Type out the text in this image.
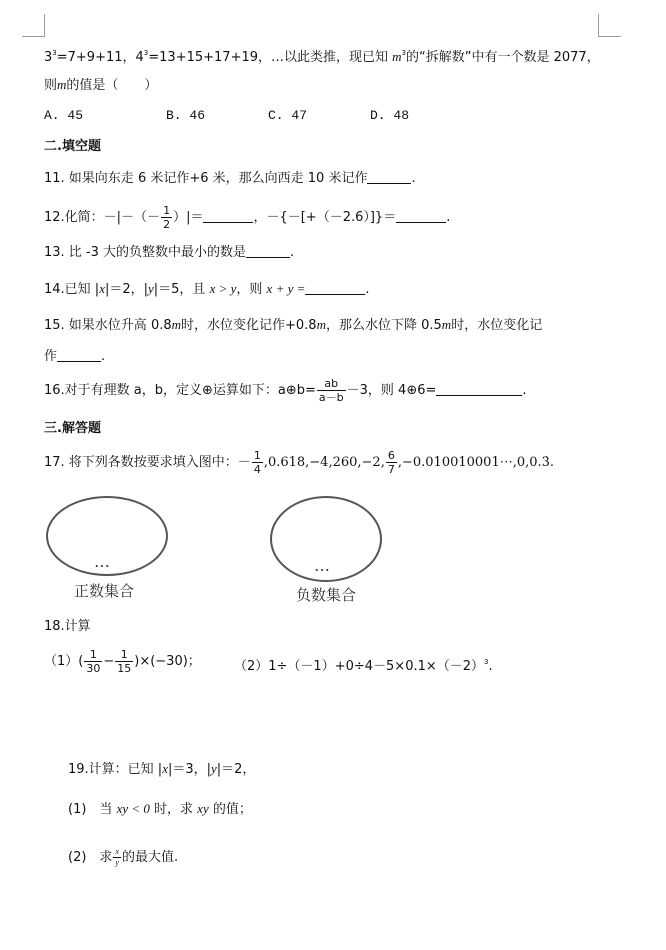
$3^3=7+9+11$，$4^3=13+15+17+19$，…以此类推，现已知 $m^3$的“拆解数”中有一个数是 2077，
则m的值是（　　）
A. 45	B. 46	C. 47	D. 48
二.填空题
11. 如果向东走 6 米记作+6 米，那么向西走 10 米记作	.
12.化简：－|－（－ $\frac{1}{2}$ ）|＝	，－{－[+（－2.6）]}＝	.
13. 比 -3 大的负整数中最小的数是	.
14.已知 |x|＝2，|y|＝5，且 x > y，则 x + y =	.
15. 如果水位升高 0.8m时，水位变化记作+0.8m，那么水位下降 0.5m时，水位变化记
作	.
16.对于有理数 a，b，定义⊕运算如下：a⊕b= $\frac{ab}{a-b} -3$，则 4⊕6=	.
三.解答题
17. 将下列各数按要求填入图中：－ $\frac{1}{4} ,0.618,-4,260,-2$, $\frac{6}{7}$ ,−0.010010001⋯,0,0.3̇.
…
正数集合
…
负数集合
18.计算
$(1)( \frac{1}{30} - \frac{1}{15} )\times(-30)$；	$(2)1\div(-1)+0\div 4-5\times 0.1\times(-2)^3$.
19.计算：已知 |x|＝3，|y|＝2，
(1)　当 xy < 0 时，求 xy 的值；
(2)　求 $\frac{x}{y}$ 的最大值.
